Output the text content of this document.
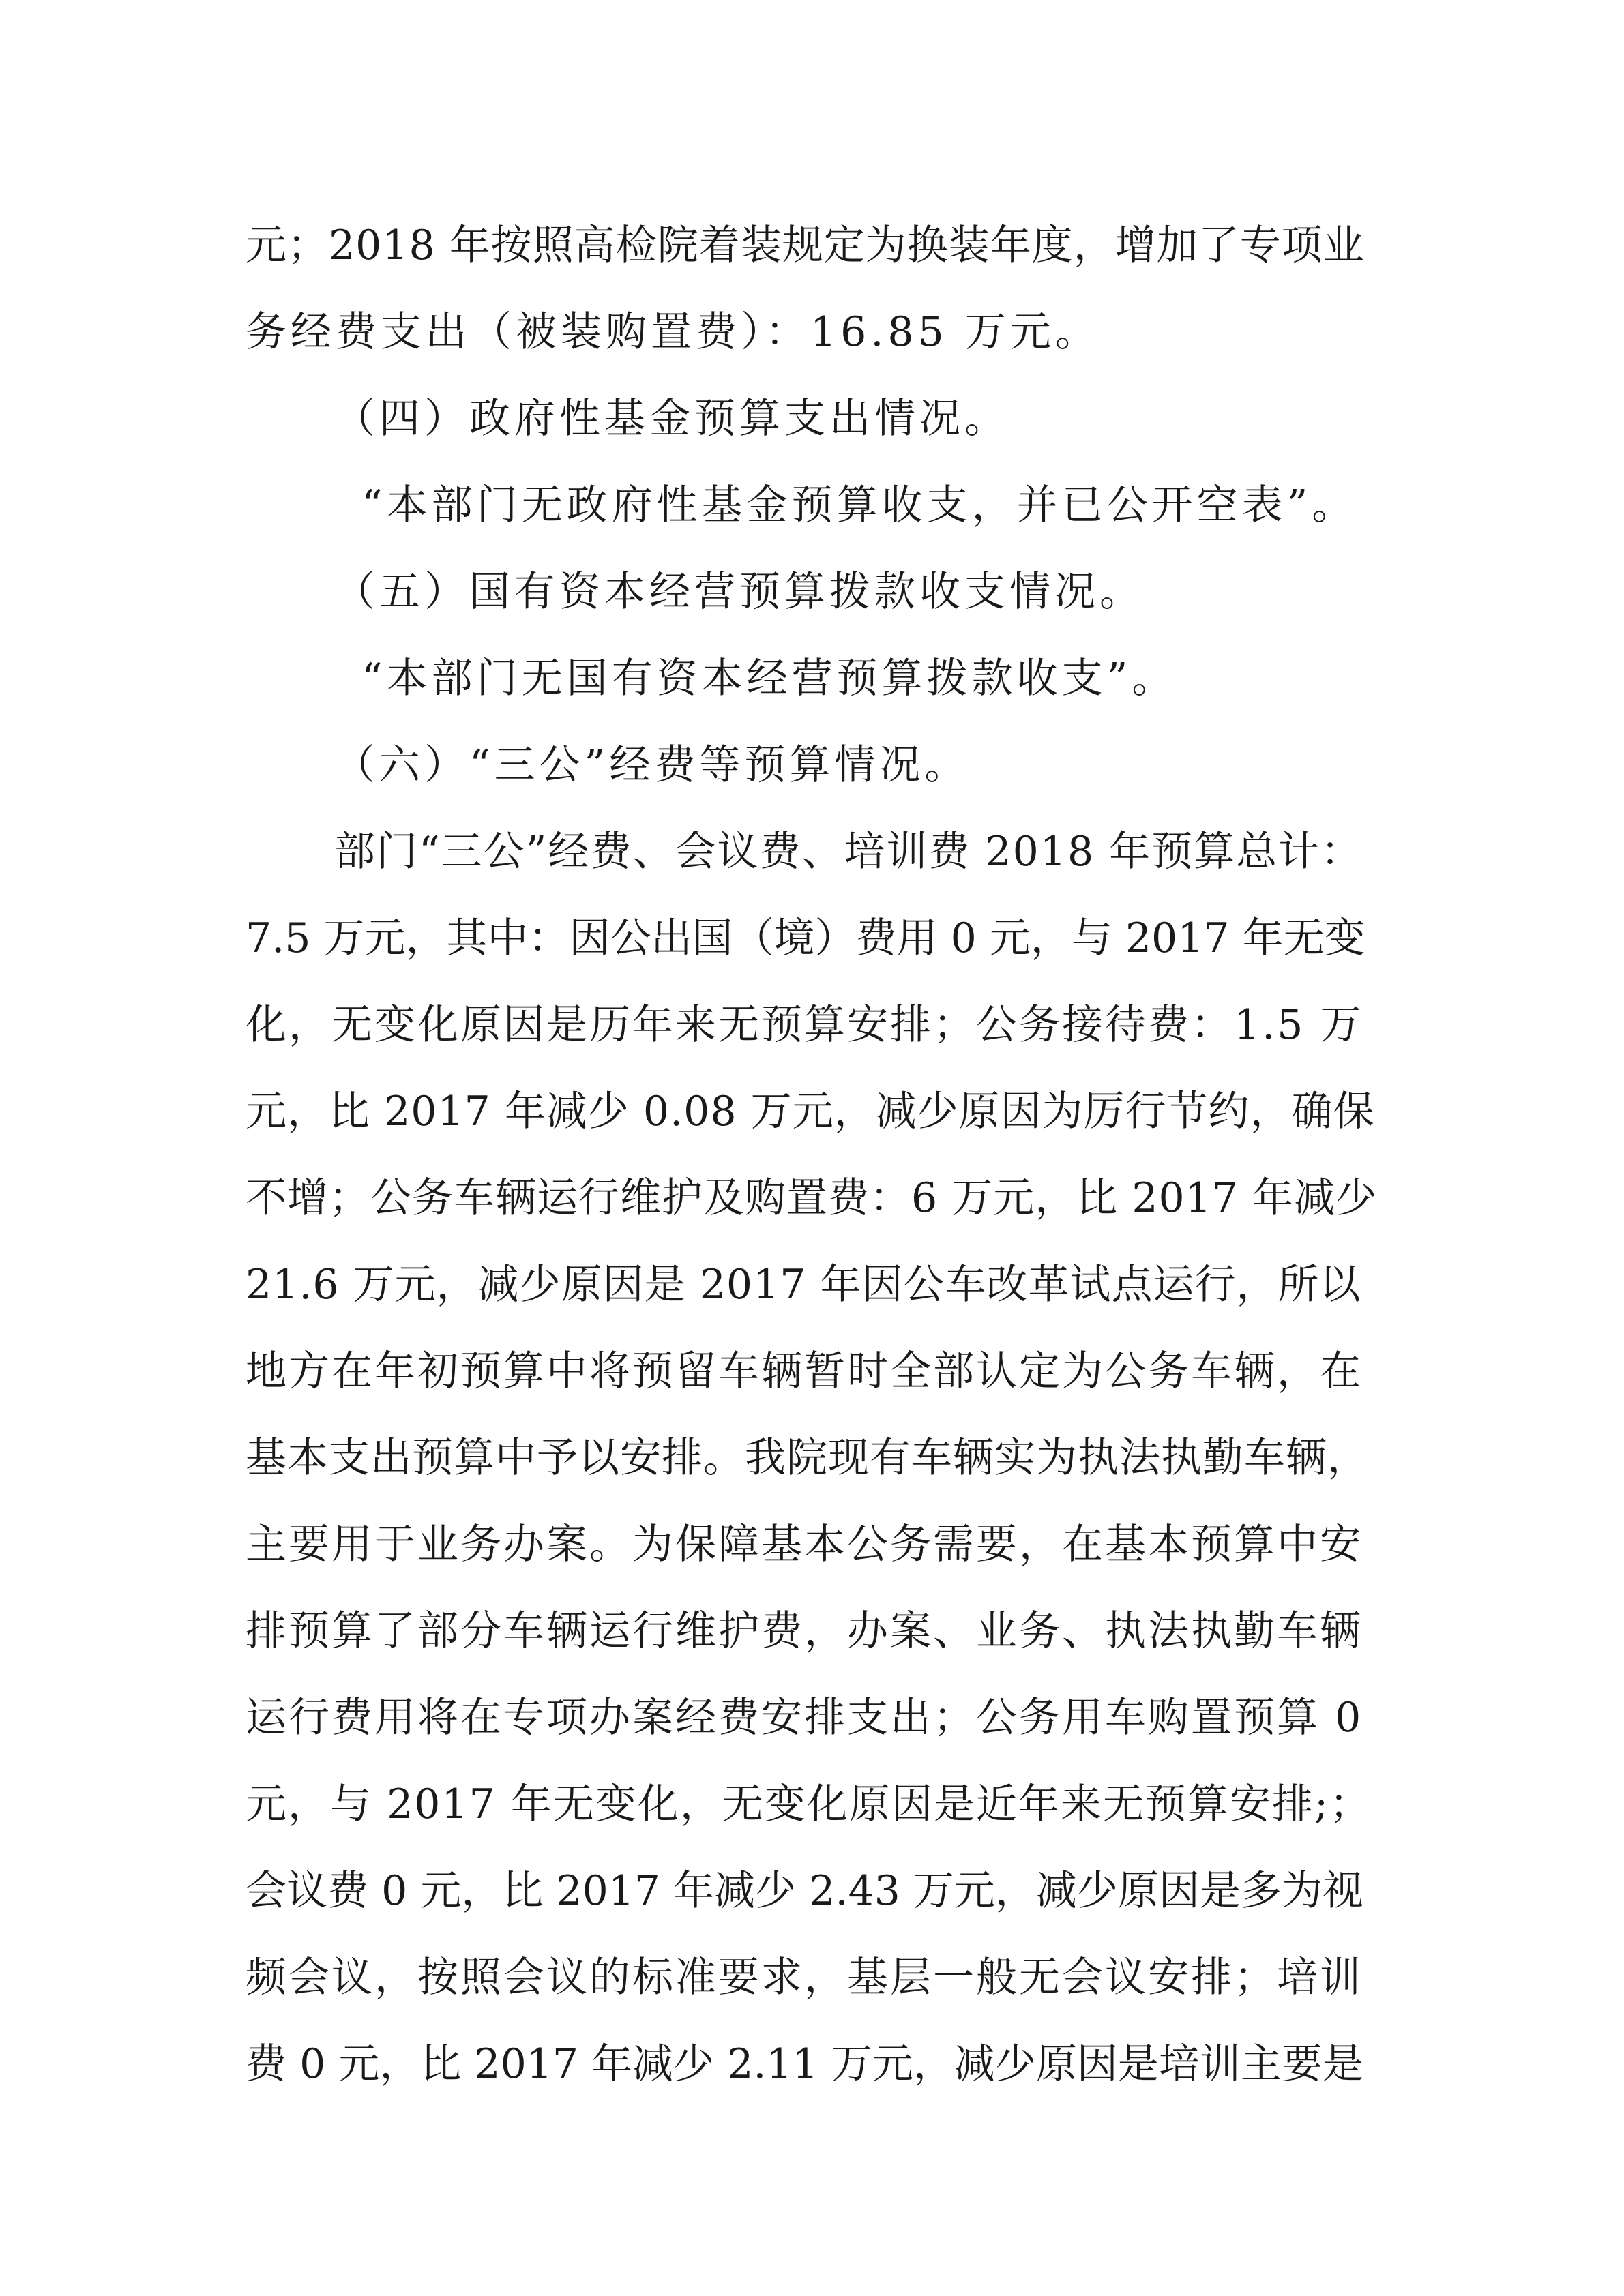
元；2018 年按照高检院着装规定为换装年度，增加了专项业
务经费支出（被装购置费）：16.85 万元。
（四）政府性基金预算支出情况。
“本部门无政府性基金预算收支，并已公开空表”。
（五）国有资本经营预算拨款收支情况。
“本部门无国有资本经营预算拨款收支”。
（六）“三公”经费等预算情况。
部门“三公”经费、会议费、培训费 2018 年预算总计：
7.5 万元，其中：因公出国（境）费用 0 元，与 2017 年无变
化，无变化原因是历年来无预算安排；公务接待费：1.5 万
元，比 2017 年减少 0.08 万元，减少原因为厉行节约，确保
不增；公务车辆运行维护及购置费：6 万元，比 2017 年减少
21.6 万元，减少原因是 2017 年因公车改革试点运行，所以
地方在年初预算中将预留车辆暂时全部认定为公务车辆，在
基本支出预算中予以安排。我院现有车辆实为执法执勤车辆，
主要用于业务办案。为保障基本公务需要，在基本预算中安
排预算了部分车辆运行维护费，办案、业务、执法执勤车辆
运行费用将在专项办案经费安排支出；公务用车购置预算 0
元，与 2017 年无变化，无变化原因是近年来无预算安排;；
会议费 0 元，比 2017 年减少 2.43 万元，减少原因是多为视
频会议，按照会议的标准要求，基层一般无会议安排；培训
费 0 元，比 2017 年减少 2.11 万元，减少原因是培训主要是
